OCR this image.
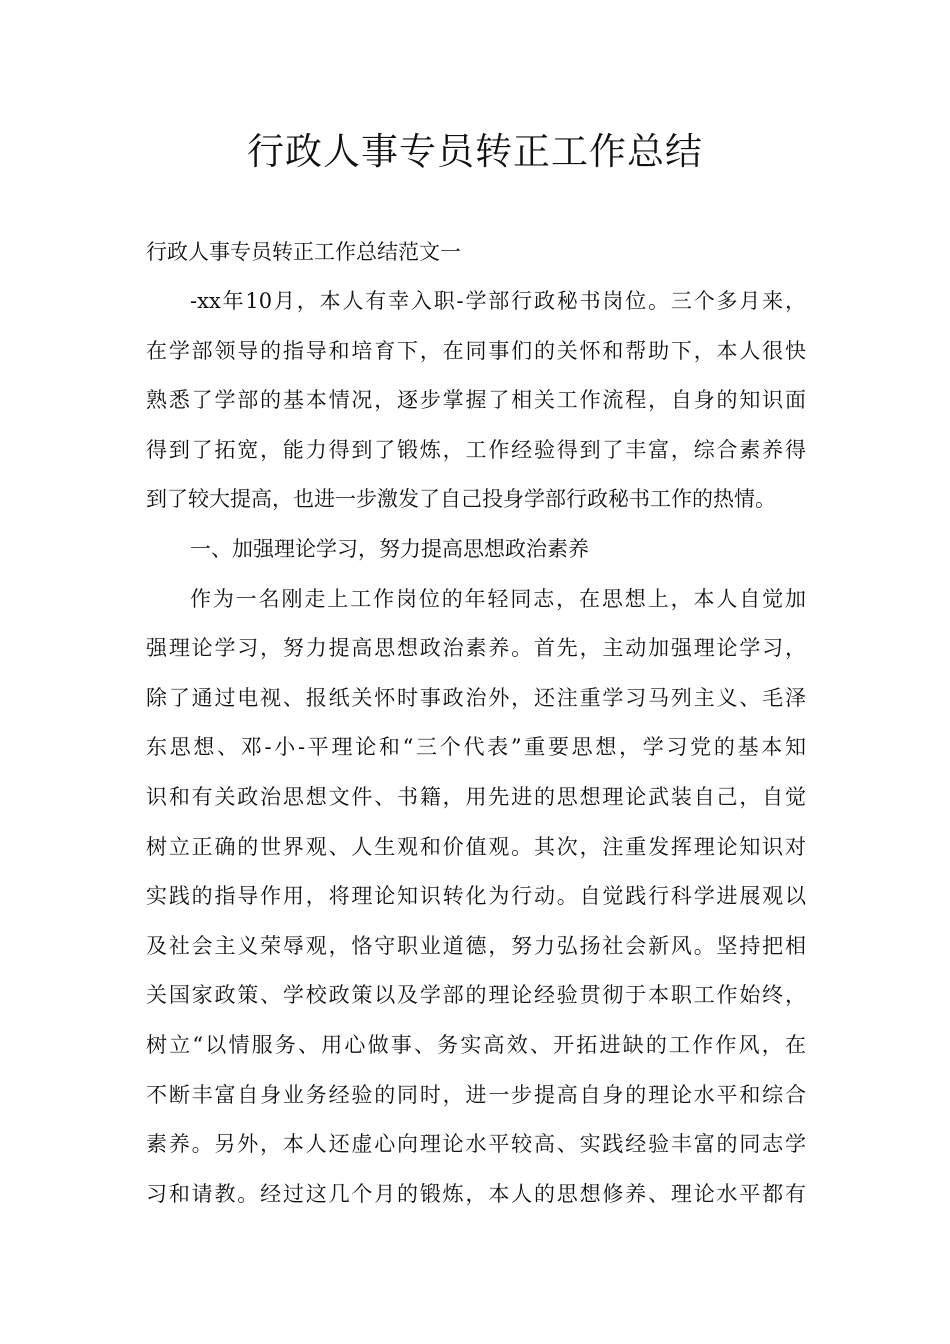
行政人事专员转正工作总结

行政人事专员转正工作总结范文一

-xx年10月，本人有幸入职-学部行政秘书岗位。三个多月来，
在学部领导的指导和培育下，在同事们的关怀和帮助下，本人很快
熟悉了学部的基本情况，逐步掌握了相关工作流程，自身的知识面
得到了拓宽，能力得到了锻炼，工作经验得到了丰富，综合素养得
到了较大提高，也进一步激发了自己投身学部行政秘书工作的热情。
一、加强理论学习，努力提高思想政治素养
作为一名刚走上工作岗位的年轻同志，在思想上，本人自觉加
强理论学习，努力提高思想政治素养。首先，主动加强理论学习，
除了通过电视、报纸关怀时事政治外，还注重学习马列主义、毛泽
东思想、邓-小-平理论和“三个代表”重要思想，学习党的基本知
识和有关政治思想文件、书籍，用先进的思想理论武装自己，自觉
树立正确的世界观、人生观和价值观。其次，注重发挥理论知识对
实践的指导作用，将理论知识转化为行动。自觉践行科学进展观以
及社会主义荣辱观，恪守职业道德，努力弘扬社会新风。坚持把相
关国家政策、学校政策以及学部的理论经验贯彻于本职工作始终，
树立“以情服务、用心做事、务实高效、开拓进缺的工作作风，在
不断丰富自身业务经验的同时，进一步提高自身的理论水平和综合
素养。另外，本人还虚心向理论水平较高、实践经验丰富的同志学
习和请教。经过这几个月的锻炼，本人的思想修养、理论水平都有
